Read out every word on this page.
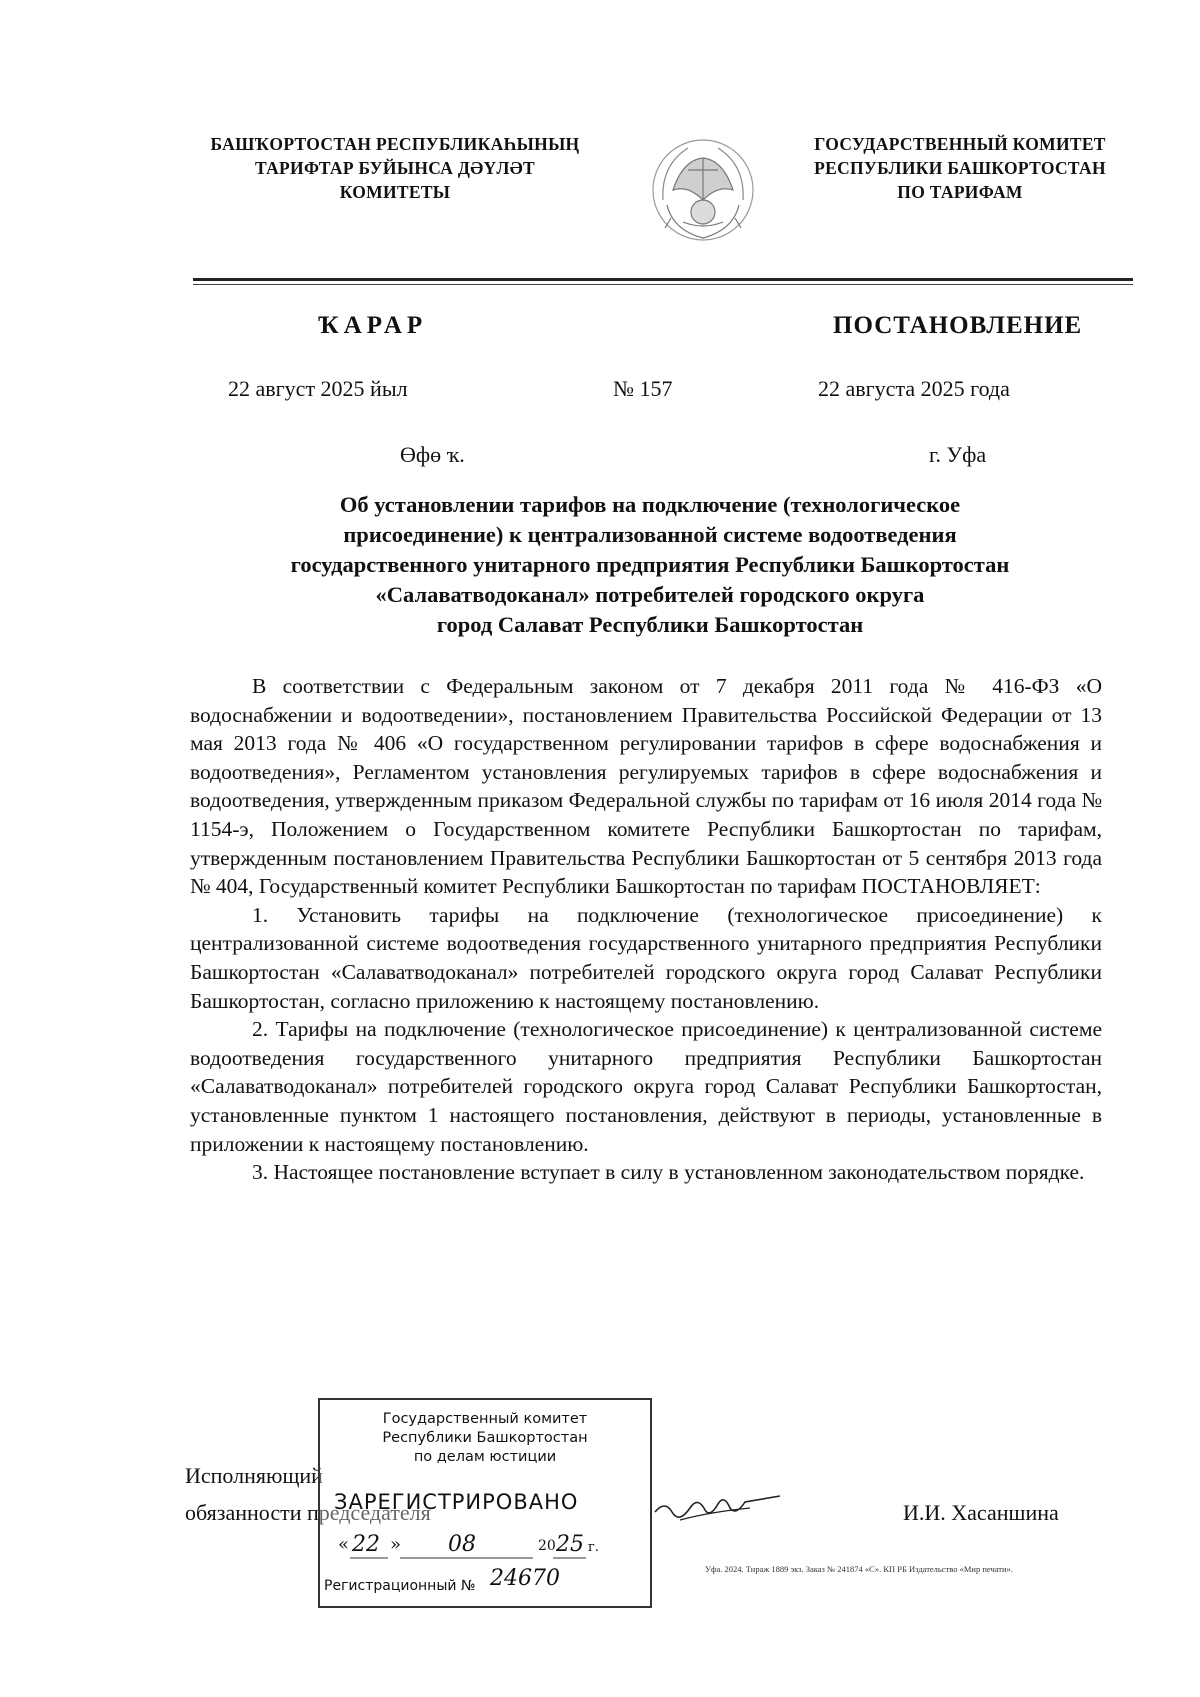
БАШҠОРТОСТАН РЕСПУБЛИКАҺЫНЫҢ
ТАРИФТАР БУЙЫНСА ДӘҮЛӘТ
КОМИТЕТЫ
ГОСУДАРСТВЕННЫЙ КОМИТЕТ
РЕСПУБЛИКИ БАШКОРТОСТАН
ПО ТАРИФАМ
ҠАРАР	ПОСТАНОВЛЕНИЕ
22 август 2025 йыл	№ 157	22 августа 2025 года
Өфө ҡ.	г. Уфа
Об установлении тарифов на подключение (технологическое
присоединение) к централизованной системе водоотведения
государственного унитарного предприятия Республики Башкортостан
«Салаватводоканал» потребителей городского округа
город Салават Республики Башкортостан

В соответствии с Федеральным законом от 7 декабря 2011 года № 416-ФЗ «О водоснабжении и водоотведении», постановлением Правительства Российской Федерации от 13 мая 2013 года № 406 «О государственном регулировании тарифов в сфере водоснабжения и водоотведения», Регламентом установления регулируемых тарифов в сфере водоснабжения и водоотведения, утвержденным приказом Федеральной службы по тарифам от 16 июля 2014 года № 1154-э, Положением о Государственном комитете Республики Башкортостан по тарифам, утвержденным постановлением Правительства Республики Башкортостан от 5 сентября 2013 года № 404, Государственный комитет Республики Башкортостан по тарифам ПОСТАНОВЛЯЕТ:

1. Установить тарифы на подключение (технологическое присоединение) к централизованной системе водоотведения государственного унитарного предприятия Республики Башкортостан «Салаватводоканал» потребителей городского округа город Салават Республики Башкортостан, согласно приложению к настоящему постановлению.

2. Тарифы на подключение (технологическое присоединение) к централизованной системе водоотведения государственного унитарного предприятия Республики Башкортостан «Салаватводоканал» потребителей городского округа город Салават Республики Башкортостан, установленные пунктом 1 настоящего постановления, действуют в периоды, установленные в приложении к настоящему постановлению.

3. Настоящее постановление вступает в силу в установленном законодательством порядке.

Исполняющий
обязанности председателя	И.И. Хасаншина
Государственный комитет
Республики Башкортостан
по делам юстиции
ЗАРЕГИСТРИРОВАНО
« 22 » 08	20 25 г.
Регистрационный № 24670	Уфа. 2024. Тираж 1889 экз. Заказ № 241874 «С». КП РБ Издательство «Мир печати».
